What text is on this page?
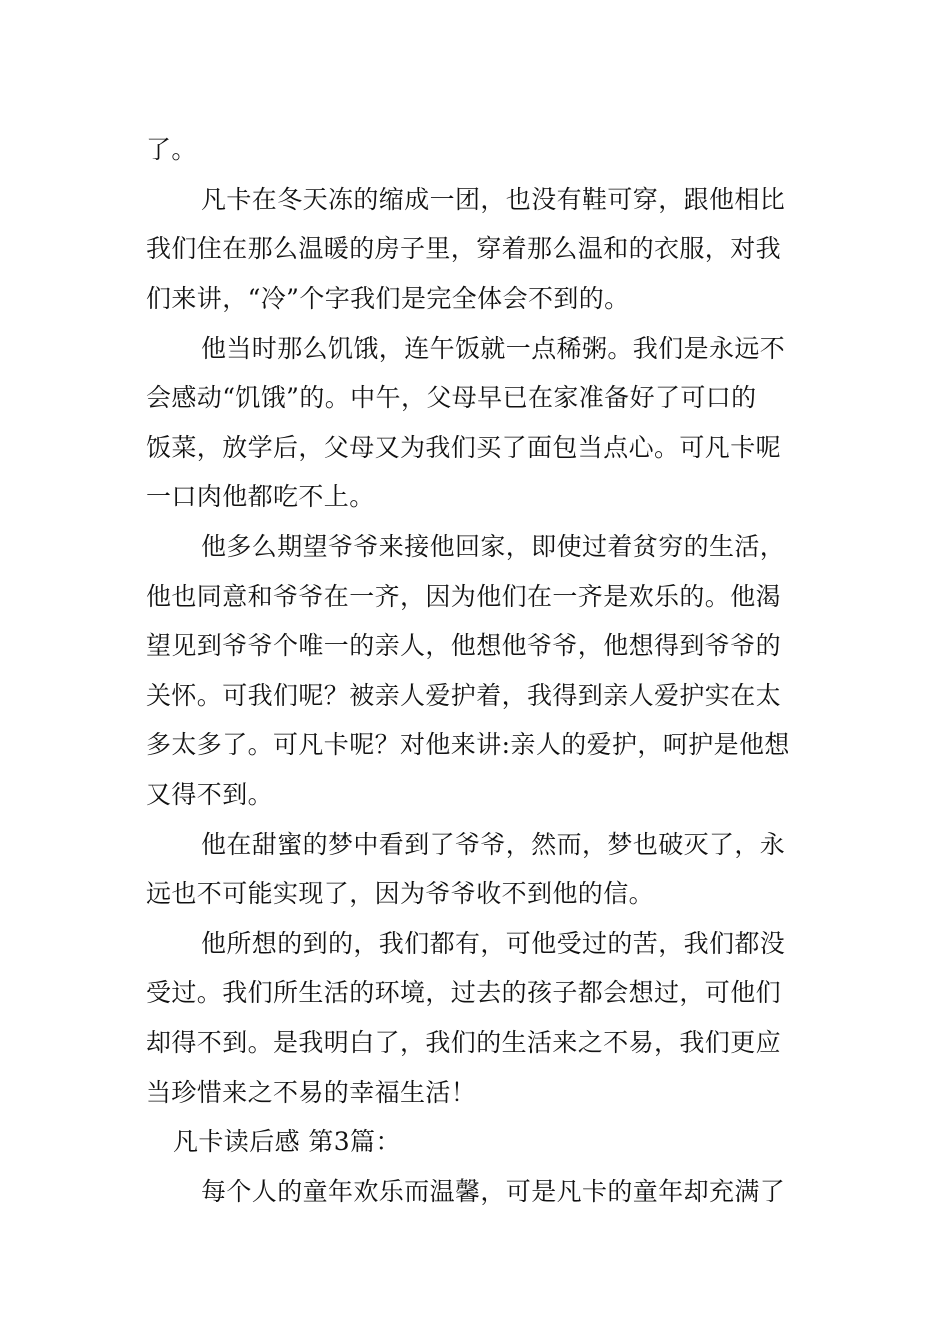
了。
凡卡在冬天冻的缩成一团，也没有鞋可穿，跟他相比
我们住在那么温暖的房子里，穿着那么温和的衣服，对我
们来讲，“冷”个字我们是完全体会不到的。
他当时那么饥饿，连午饭就一点稀粥。我们是永远不
会感动“饥饿”的。中午，父母早已在家准备好了可口的
饭菜，放学后，父母又为我们买了面包当点心。可凡卡呢
一口肉他都吃不上。
他多么期望爷爷来接他回家，即使过着贫穷的生活，
他也同意和爷爷在一齐，因为他们在一齐是欢乐的。他渴
望见到爷爷个唯一的亲人，他想他爷爷，他想得到爷爷的
关怀。可我们呢？被亲人爱护着，我得到亲人爱护实在太
多太多了。可凡卡呢？对他来讲:亲人的爱护，呵护是他想
又得不到。
他在甜蜜的梦中看到了爷爷，然而，梦也破灭了，永
远也不可能实现了，因为爷爷收不到他的信。
他所想的到的，我们都有，可他受过的苦，我们都没
受过。我们所生活的环境，过去的孩子都会想过，可他们
却得不到。是我明白了，我们的生活来之不易，我们更应
当珍惜来之不易的幸福生活！
凡卡读后感 第3篇：
每个人的童年欢乐而温馨，可是凡卡的童年却充满了
